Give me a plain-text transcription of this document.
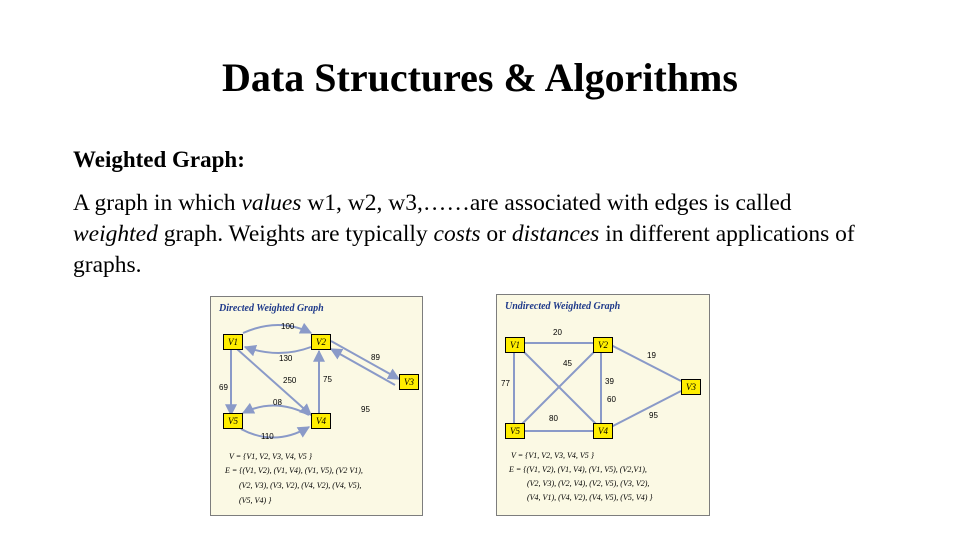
Data Structures & Algorithms
Weighted Graph:
A graph in which values w1, w2, w3,……are associated with edges is called weighted graph. Weights are typically costs or distances in different applications of graphs.
Directed Weighted Graph
V1	V2
V3
V4
V5
100
130
250	75
89
69
08
95
110
V = {V1, V2, V3, V4, V5 }
E = {(V1, V2), (V1, V4), (V1, V5), (V2 V1),
(V2, V3), (V3, V2), (V4, V2), (V4, V5),
(V5, V4) }
Undirected Weighted Graph
V1	V2
V3
V4
V5
20
45
19
77	39
60
80	95
V = {V1, V2, V3, V4, V5 }
E = {(V1, V2), (V1, V4), (V1, V5), (V2,V1),
(V2, V3), (V2, V4), (V2, V5), (V3, V2),
(V4, V1), (V4, V2), (V4, V5), (V5, V4) }
